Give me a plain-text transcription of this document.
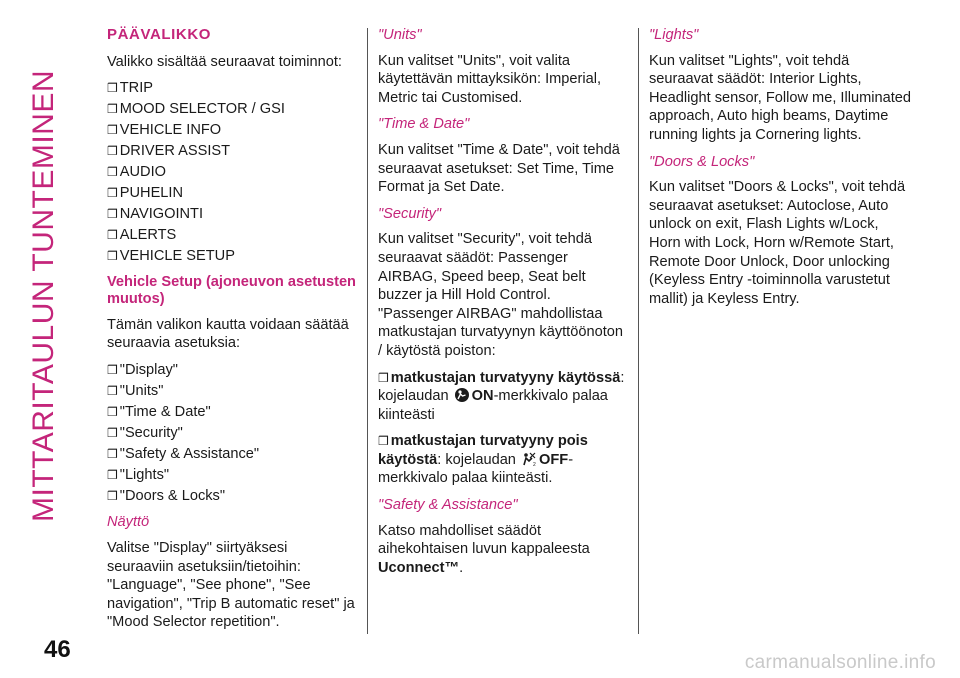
MITTARITAULUN TUNTEMINEN
46
PÄÄVALIKKO

Valikko sisältää seuraavat toiminnot:

❒ TRIP
❒ MOOD SELECTOR / GSI
❒ VEHICLE INFO
❒ DRIVER ASSIST
❒ AUDIO
❒ PUHELIN
❒ NAVIGOINTI
❒ ALERTS
❒ VEHICLE SETUP
Vehicle Setup (ajoneuvon asetusten muutos)

Tämän valikon kautta voidaan säätää seuraavia asetuksia:

❒ "Display"
❒ "Units"
❒ "Time & Date"
❒ "Security"
❒ "Safety & Assistance"
❒ "Lights"
❒ "Doors & Locks"
Näyttö

Valitse "Display" siirtyäksesi seuraaviin asetuksiin/tietoihin: "Language", "See phone", "See navigation", "Trip B automatic reset" ja "Mood Selector repetition".

"Units"

Kun valitset "Units", voit valita käytettävän mittayksikön: Imperial, Metric tai Customised.

"Time & Date"

Kun valitset "Time & Date", voit tehdä seuraavat asetukset: Set Time, Time Format ja Set Date.

"Security"

Kun valitset "Security", voit tehdä seuraavat säädöt: Passenger AIRBAG, Speed beep, Seat belt buzzer ja Hill Hold Control.

"Passenger AIRBAG" mahdollistaa matkustajan turvatyynyn käyttöönoton / käytöstä poiston:

❒ matkustajan turvatyyny käytössä:
kojelaudan ON-merkkivalo palaa kiinteästi

❒ matkustajan turvatyyny pois käytöstä: kojelaudan	2 OFF-merkkivalo palaa kiinteästi.

"Safety & Assistance"

Katso mahdolliset säädöt aihekohtaisen luvun kappaleesta Uconnect™.

"Lights"

Kun valitset "Lights", voit tehdä seuraavat säädöt: Interior Lights, Headlight sensor, Follow me, Illuminated approach, Auto high beams, Daytime running lights ja Cornering lights.

"Doors & Locks"

Kun valitset "Doors & Locks", voit tehdä seuraavat asetukset: Autoclose, Auto unlock on exit, Flash Lights w/Lock, Horn with Lock, Horn w/Remote Start, Remote Door Unlock, Door unlocking (Keyless Entry -toiminnolla varustetut mallit) ja Keyless Entry.

carmanualsonline.info
